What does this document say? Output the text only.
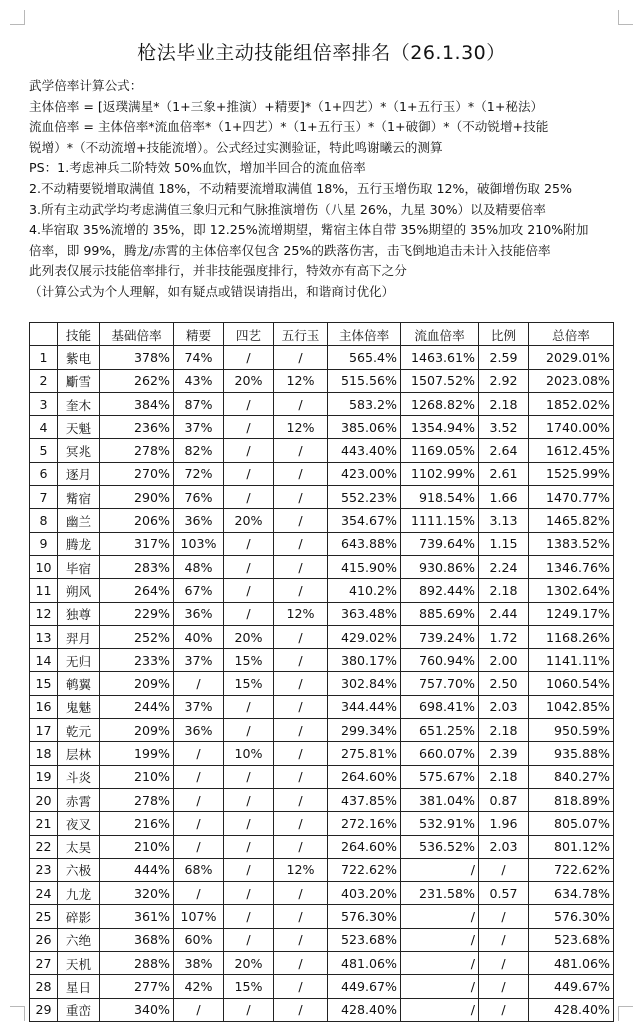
枪法毕业主动技能组倍率排名（26.1.30）
武学倍率计算公式：
主体倍率 = [返璞满星*（1+三象+推演）+精要]*（1+四艺）*（1+五行玉）*（1+秘法）
流血倍率 = 主体倍率*流血倍率*（1+四艺）*（1+五行玉）*（1+破御）*（不动锐增+技能
锐增）*（不动流增+技能流增）。公式经过实测验证，特此鸣谢曦云的测算
PS：1.考虑神兵二阶特效 50%血饮，增加半回合的流血倍率
2.不动精要锐增取满值 18%，不动精要流增取满值 18%，五行玉增伤取 12%，破御增伤取 25%
3.所有主动武学均考虑满值三象归元和气脉推演增伤（八星 26%，九星 30%）以及精要倍率
4.毕宿取 35%流增的 35%，即 12.25%流增期望，觜宿主体自带 35%期望的 35%加攻 210%附加
倍率，即 99%，腾龙/赤霄的主体倍率仅包含 25%的跌落伤害，击飞倒地追击未计入技能倍率
此列表仅展示技能倍率排行，并非技能强度排行，特效亦有高下之分
（计算公式为个人理解，如有疑点或错误请指出，和谐商讨优化）
	技能	基础倍率	精要	四艺	五行玉	主体倍率	流血倍率	比例	总倍率
1	紫电	378%	74%	/	/	565.4%	1463.61%	2.59	2029.01%
2	斸雪	262%	43%	20%	12%	515.56%	1507.52%	2.92	2023.08%
3	奎木	384%	87%	/	/	583.2%	1268.82%	2.18	1852.02%
4	天魁	236%	37%	/	12%	385.06%	1354.94%	3.52	1740.00%
5	冥兆	278%	82%	/	/	443.40%	1169.05%	2.64	1612.45%
6	逐月	270%	72%	/	/	423.00%	1102.99%	2.61	1525.99%
7	觜宿	290%	76%	/	/	552.23%	918.54%	1.66	1470.77%
8	幽兰	206%	36%	20%	/	354.67%	1111.15%	3.13	1465.82%
9	腾龙	317%	103%	/	/	643.88%	739.64%	1.15	1383.52%
10	毕宿	283%	48%	/	/	415.90%	930.86%	2.24	1346.76%
11	朔风	264%	67%	/	/	410.2%	892.44%	2.18	1302.64%
12	独尊	229%	36%	/	12%	363.48%	885.69%	2.44	1249.17%
13	羿月	252%	40%	20%	/	429.02%	739.24%	1.72	1168.26%
14	无归	233%	37%	15%	/	380.17%	760.94%	2.00	1141.11%
15	鹌翼	209%	/	15%	/	302.84%	757.70%	2.50	1060.54%
16	鬼魅	244%	37%	/	/	344.44%	698.41%	2.03	1042.85%
17	乾元	209%	36%	/	/	299.34%	651.25%	2.18	950.59%
18	层林	199%	/	10%	/	275.81%	660.07%	2.39	935.88%
19	斗炎	210%	/	/	/	264.60%	575.67%	2.18	840.27%
20	赤霄	278%	/	/	/	437.85%	381.04%	0.87	818.89%
21	夜叉	216%	/	/	/	272.16%	532.91%	1.96	805.07%
22	太昊	210%	/	/	/	264.60%	536.52%	2.03	801.12%
23	六极	444%	68%	/	12%	722.62%	/	/	722.62%
24	九龙	320%	/	/	/	403.20%	231.58%	0.57	634.78%
25	碎影	361%	107%	/	/	576.30%	/	/	576.30%
26	六绝	368%	60%	/	/	523.68%	/	/	523.68%
27	天机	288%	38%	20%	/	481.06%	/	/	481.06%
28	星日	277%	42%	15%	/	449.67%	/	/	449.67%
29	重峦	340%	/	/	/	428.40%	/	/	428.40%
